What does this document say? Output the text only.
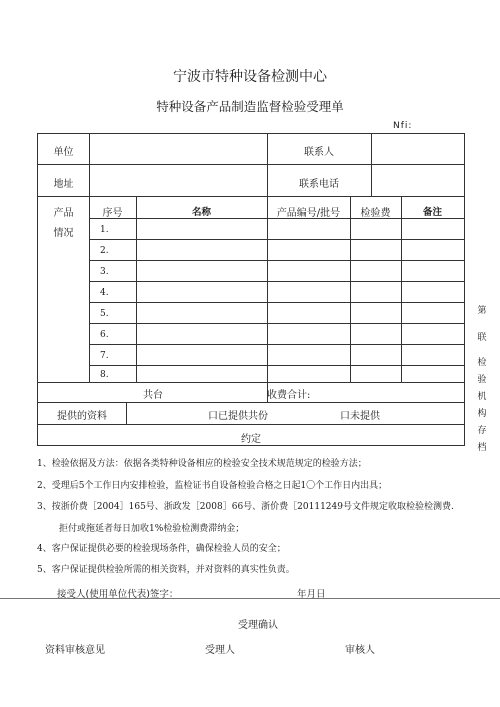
宁波市特种设备检测中心
特种设备产品制造监督检验受理单
Nfi:
单位	联系人
地址	联系电话
产品
情况
序号	名称	产品编号/批号	检验费	备注
1.
2.
3.
4.
5.
6.
7.
8.
共台	收费合计:
提供的资料	口已提供共份	口未提供
约定
第
联
检
验
机
构
存
档
1、检验依据及方法：依据各类特种设备相应的检验安全技术规范规定的检验方法；
2、受理后5个工作日内安排检验，监检证书自设备检验合格之日起1〇个工作日内出具；
3、按浙价费［2004］165号、浙政发［2008］66号、浙价费［20111249号文件规定收取检验检测费.
拒付或拖延者每日加收1%检验检测费滞纳金；
4、客户保证提供必要的检验现场条件，确保检验人员的安全；
5、客户保证提供检验所需的相关资料，并对资料的真实性负责。
接受人(使用单位代表)签字：	年月日
受理确认
资料审核意见	受理人	审核人
